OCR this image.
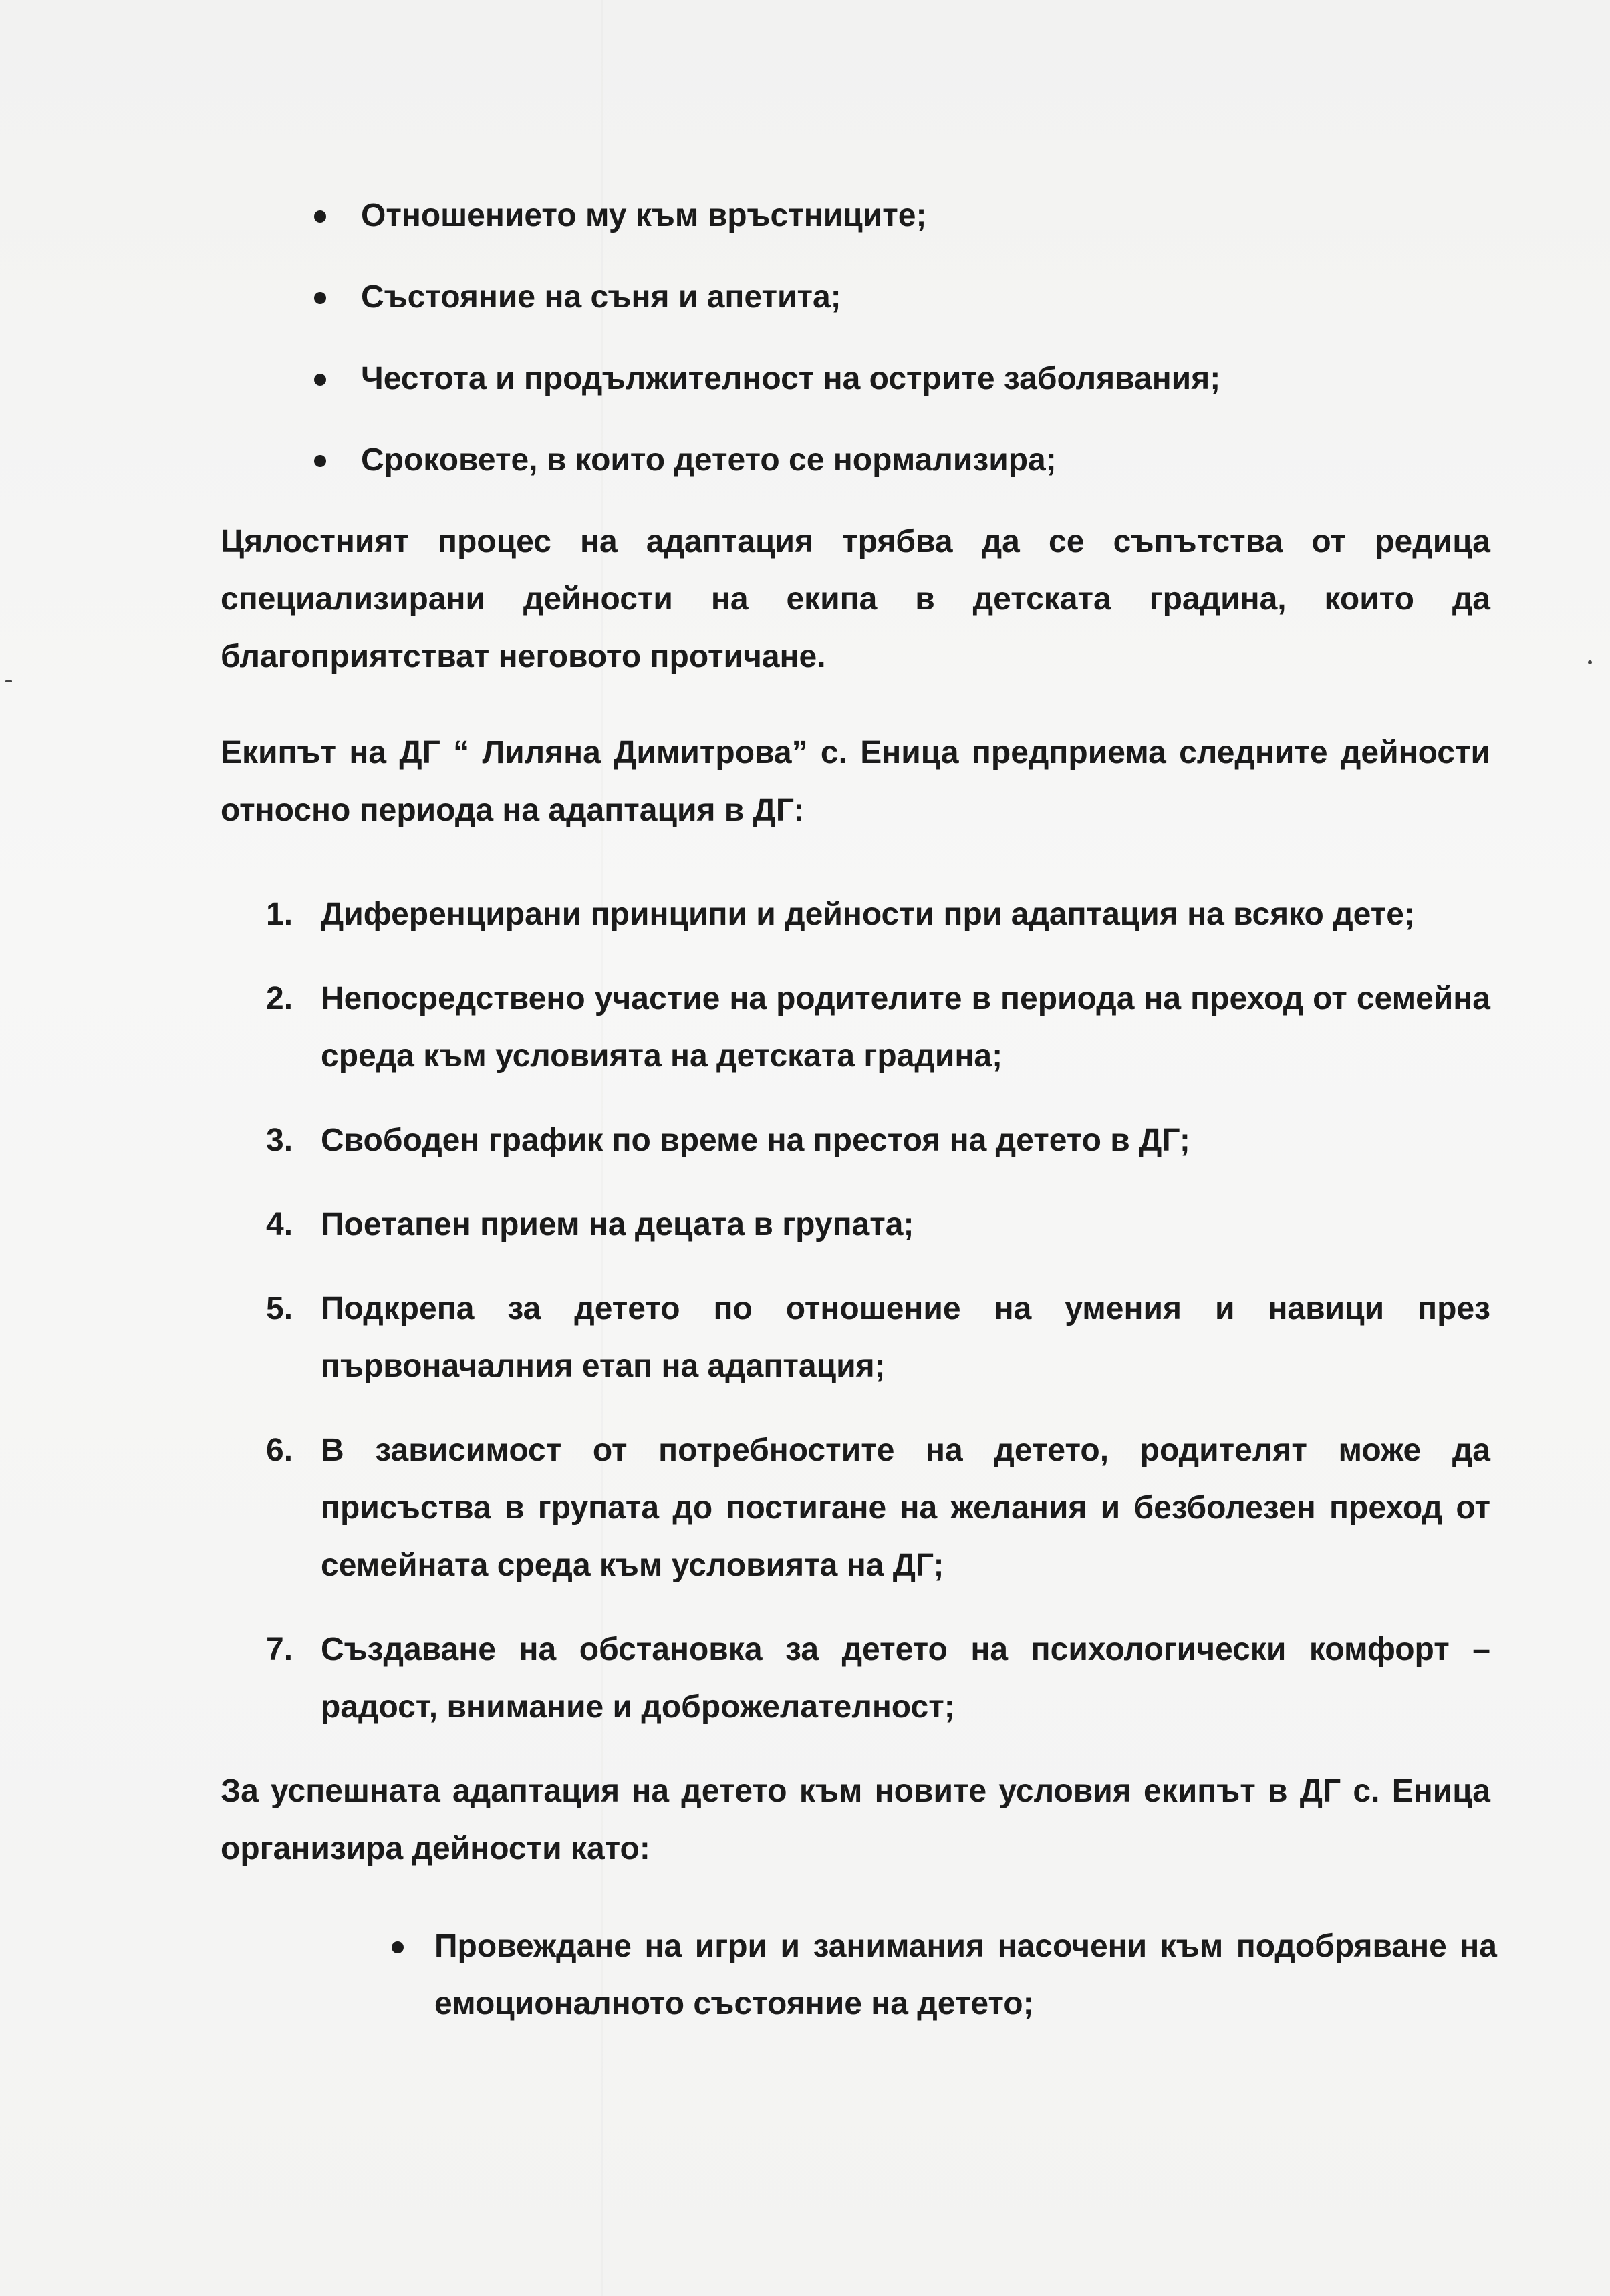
Отношението му към връстниците;
Състояние на съня и апетита;
Честота и продължителност на острите заболявания;
Сроковете, в които детето се нормализира;

Цялостният процес на адаптация трябва да се съпътства от редица специализирани дейности на екипа в детската градина, които да благоприятстват неговото протичане.

Екипът на ДГ “ Лиляна Димитрова” с. Еница предприема следните дейности относно периода на адаптация в ДГ:

1. Диференцирани принципи и дейности при адаптация на всяко дете;
2. Непосредствено участие на родителите в периода на преход от семейна среда към условията на детската градина;
3. Свободен график по време на престоя на детето в ДГ;
4. Поетапен прием на децата в групата;
5. Подкрепа за детето по отношение на умения и навици през първоначалния етап на адаптация;
6. В зависимост от потребностите на детето, родителят може да присъства в групата до постигане на желания и безболезен преход от семейната среда към условията на ДГ;
7. Създаване на обстановка за детето на психологически комфорт – радост, внимание и доброжелателност;

За успешната адаптация на детето към новите условия екипът в ДГ с. Еница организира дейности като:

Провеждане на игри и занимания насочени към подобряване на емоционалното състояние на детето;
